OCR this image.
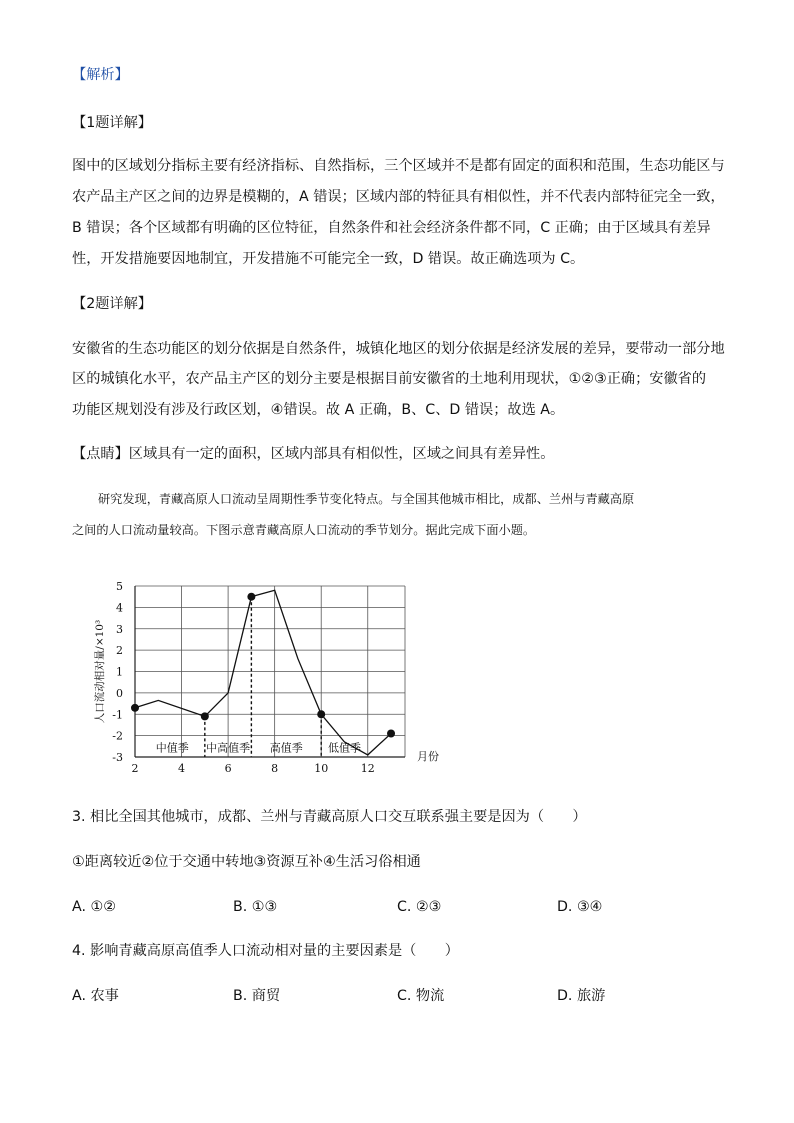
【解析】
【1题详解】
图中的区域划分指标主要有经济指标、自然指标，三个区域并不是都有固定的面积和范围，生态功能区与
农产品主产区之间的边界是模糊的，A 错误；区域内部的特征具有相似性，并不代表内部特征完全一致，
B 错误；各个区域都有明确的区位特征，自然条件和社会经济条件都不同，C 正确；由于区域具有差异
性，开发措施要因地制宜，开发措施不可能完全一致，D 错误。故正确选项为 C。
【2题详解】
安徽省的生态功能区的划分依据是自然条件，城镇化地区的划分依据是经济发展的差异，要带动一部分地
区的城镇化水平，农产品主产区的划分主要是根据目前安徽省的土地利用现状，①②③正确；安徽省的
功能区规划没有涉及行政区划，④错误。故 A 正确，B、C、D 错误；故选 A。
【点睛】区域具有一定的面积，区域内部具有相似性，区域之间具有差异性。
研究发现，青藏高原人口流动呈周期性季节变化特点。与全国其他城市相比，成都、兰州与青藏高原
之间的人口流动量较高。下图示意青藏高原人口流动的季节划分。据此完成下面小题。
5
4
3
2
1
0
-1
-2
-3
2	4	6	8	10	12
月份
人口流动相对量/×10³
中值季 中高值季 高值季 低值季
3. 相比全国其他城市，成都、兰州与青藏高原人口交互联系强主要是因为（　　）
①距离较近②位于交通中转地③资源互补④生活习俗相通
A. ①②	B. ①③	C. ②③	D. ③④
4. 影响青藏高原高值季人口流动相对量的主要因素是（　　）
A. 农事	B. 商贸	C. 物流	D. 旅游
